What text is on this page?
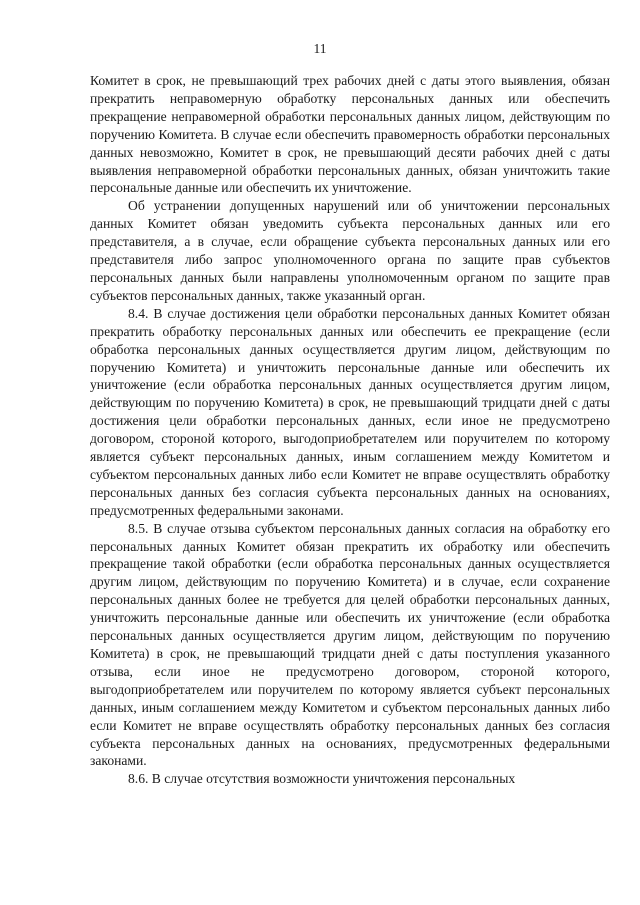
11

Комитет в срок, не превышающий трех рабочих дней с даты этого выявления, обязан прекратить неправомерную обработку персональных данных или обеспечить прекращение неправомерной обработки персональных данных лицом, действующим по поручению Комитета. В случае если обеспечить правомерность обработки персональных данных невозможно, Комитет в срок, не превышающий десяти рабочих дней с даты выявления неправомерной обработки персональных данных, обязан уничтожить такие персональные данные или обеспечить их уничтожение.

Об устранении допущенных нарушений или об уничтожении персональных данных Комитет обязан уведомить субъекта персональных данных или его представителя, а в случае, если обращение субъекта персональных данных или его представителя либо запрос уполномоченного органа по защите прав субъектов персональных данных были направлены уполномоченным органом по защите прав субъектов персональных данных, также указанный орган.

8.4. В случае достижения цели обработки персональных данных Комитет обязан прекратить обработку персональных данных или обеспечить ее прекращение (если обработка персональных данных осуществляется другим лицом, действующим по поручению Комитета) и уничтожить персональные данные или обеспечить их уничтожение (если обработка персональных данных осуществляется другим лицом, действующим по поручению Комитета) в срок, не превышающий тридцати дней с даты достижения цели обработки персональных данных, если иное не предусмотрено договором, стороной которого, выгодоприобретателем или поручителем по которому является субъект персональных данных, иным соглашением между Комитетом и субъектом персональных данных либо если Комитет не вправе осуществлять обработку персональных данных без согласия субъекта персональных данных на основаниях, предусмотренных федеральными законами.

8.5. В случае отзыва субъектом персональных данных согласия на обработку его персональных данных Комитет обязан прекратить их обработку или обеспечить прекращение такой обработки (если обработка персональных данных осуществляется другим лицом, действующим по поручению Комитета) и в случае, если сохранение персональных данных более не требуется для целей обработки персональных данных, уничтожить персональные данные или обеспечить их уничтожение (если обработка персональных данных осуществляется другим лицом, действующим по поручению Комитета) в срок, не превышающий тридцати дней с даты поступления указанного отзыва, если иное не предусмотрено договором, стороной которого, выгодоприобретателем или поручителем по которому является субъект персональных данных, иным соглашением между Комитетом и субъектом персональных данных либо если Комитет не вправе осуществлять обработку персональных данных без согласия субъекта персональных данных на основаниях, предусмотренных федеральными законами.

8.6. В случае отсутствия возможности уничтожения персональных
